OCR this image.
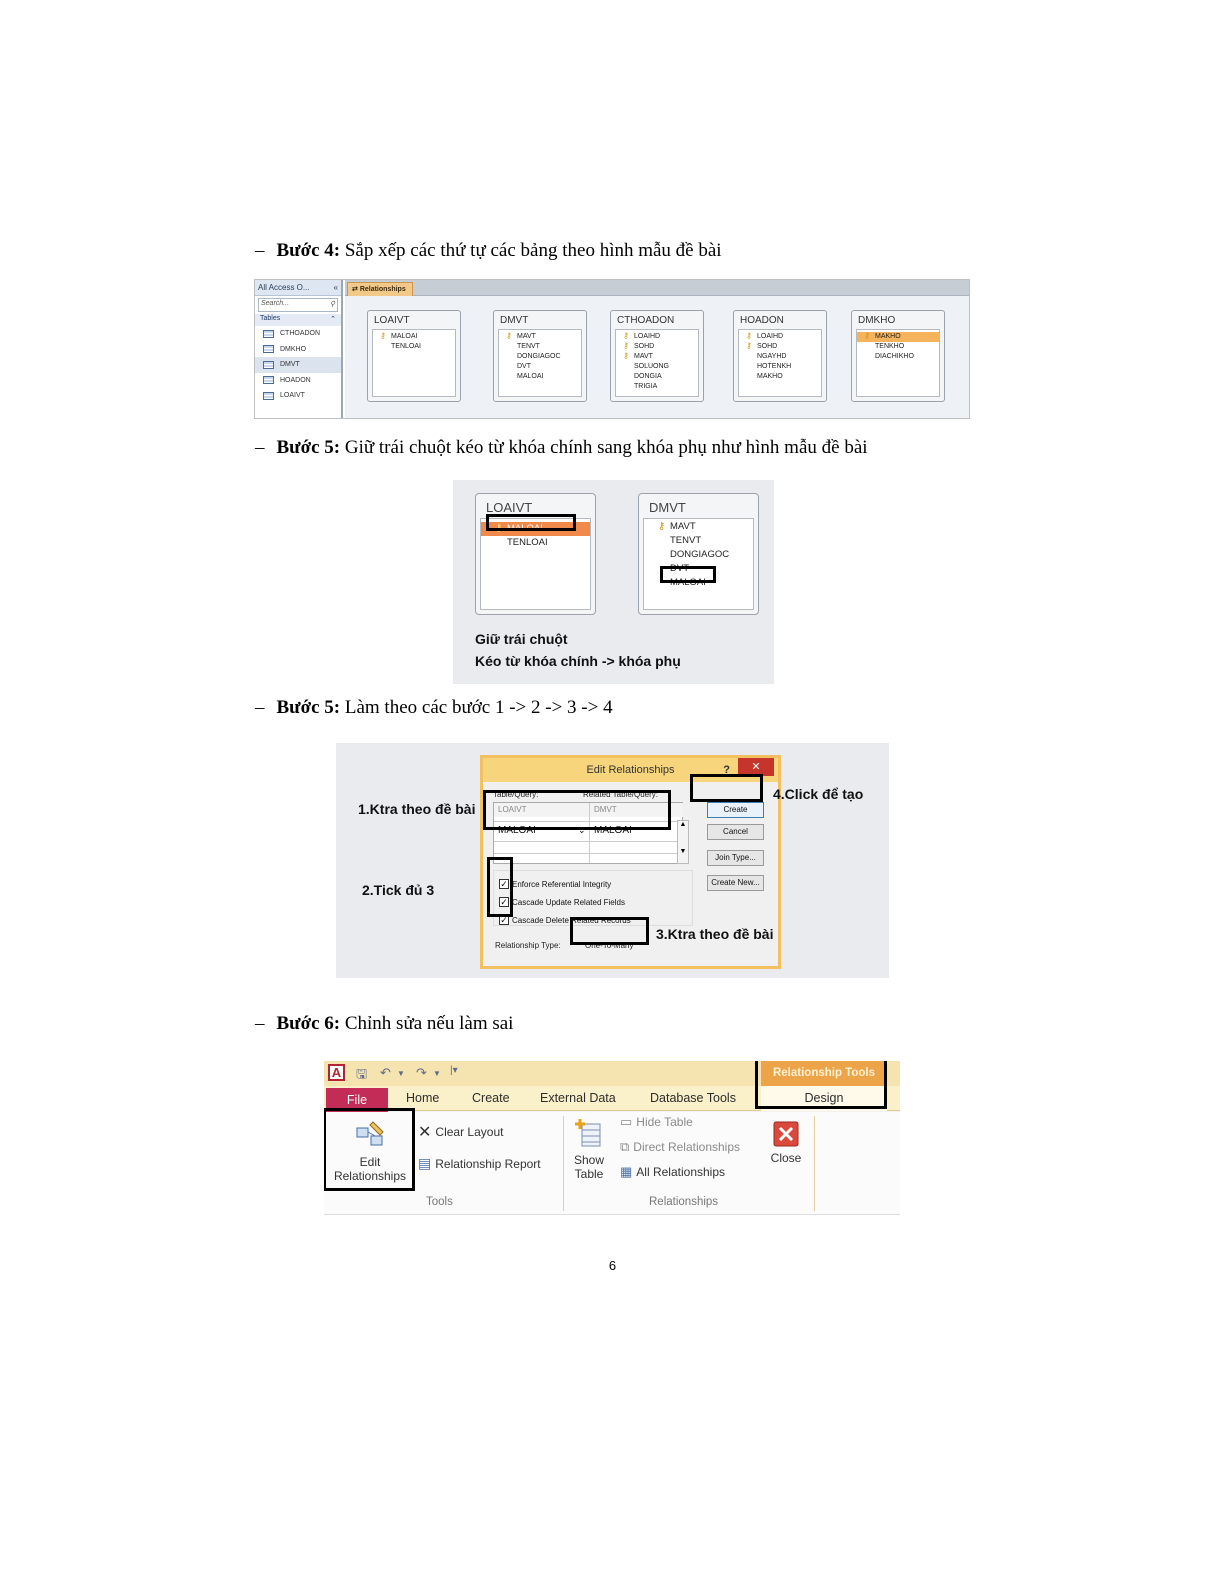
– Bước 4: Sắp xếp các thứ tự các bảng theo hình mẫu đề bài
– Bước 5: Giữ trái chuột kéo từ khóa chính sang khóa phụ như hình mẫu đề bài
– Bước 5: Làm theo các bước 1 -> 2 -> 3 -> 4
– Bước 6: Chỉnh sửa nếu làm sai
All Access O...	«
Search...	⚲
Tables	⌃
CTHOADON
DMKHO
DMVT
HOADON
LOAIVT
⇄ Relationships
LOAIVT
⚷ MALOAI
TENLOAI
DMVT
⚷ MAVT
TENVT
DONGIAGOC
DVT
MALOAI
CTHOADON
⚷ LOAIHD
⚷ SOHD
⚷ MAVT
SOLUONG
DONGIA
TRIGIA
HOADON
⚷ LOAIHD
⚷ SOHD
NGAYHD
HOTENKH
MAKHO
DMKHO
⚷ MAKHO
TENKHO
DIACHIKHO
LOAIVT
⚷ MALOAI
TENLOAI
DMVT
⚷ MAVT
TENVT
DONGIAGOC
DVT
MALOAI
Giữ trái chuột
Kéo từ khóa chính -> khóa phụ
Edit Relationships	?	✕
Table/Query:	Related Table/Query:
LOAIVT	DMVT
MALOAI	⌄ MALOAI
▲
▼
Create
Cancel
Join Type...
Create New...
✓ Enforce Referential Integrity
✓ Cascade Update Related Fields
✓ Cascade Delete Related Records
Relationship Type:	One-To-Many
1.Ktra theo đề bài
2.Tick đủ 3
3.Ktra theo đề bài
4.Click để tạo
A 🖫 ↶ ▼ ↷ ▼ |▾	Relationship Tools
File	Home	Create External Data	Database Tools	Design
Edit
Relationships
✕ Clear Layout
▤ Relationship Report
Tools
Show
Table
▭ Hide Table
⧉ Direct Relationships
▦ All Relationships
Relationships
Close
6
